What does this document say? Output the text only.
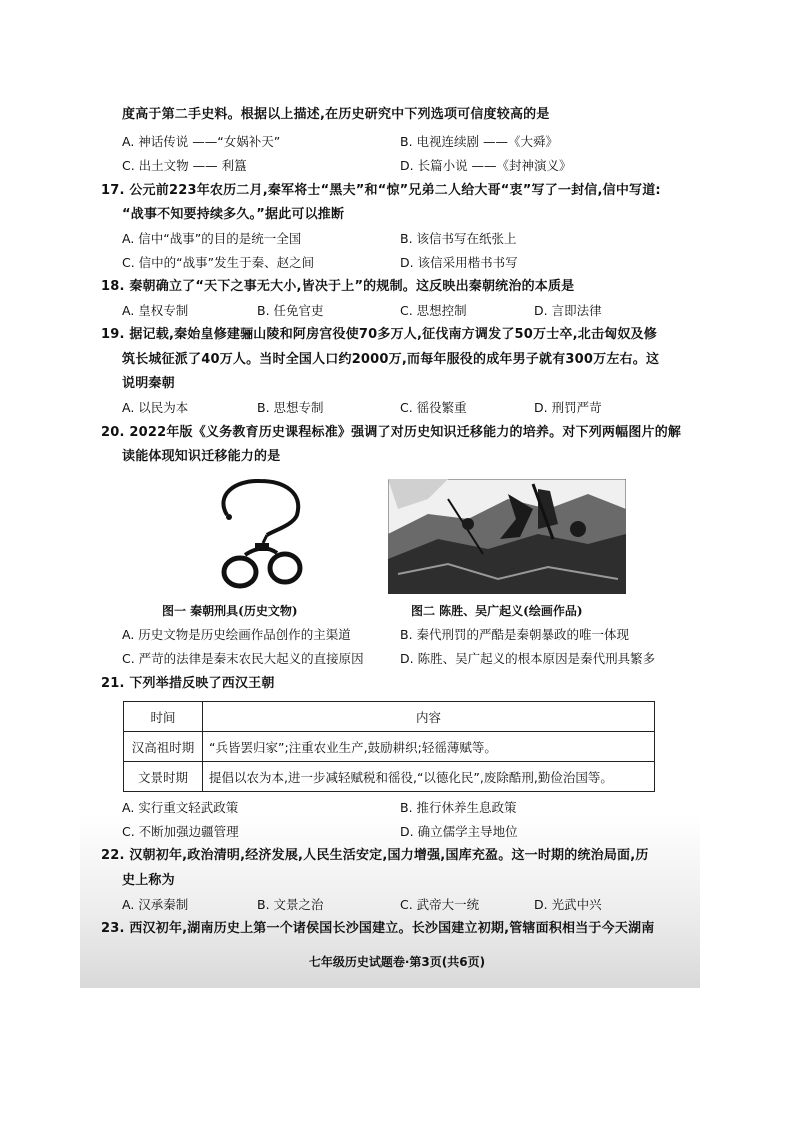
度高于第二手史料。根据以上描述,在历史研究中下列选项可信度较高的是
A. 神话传说 ——“女娲补天”	B. 电视连续剧 ——《大舜》
C. 出土文物 —— 利簋	D. 长篇小说 ——《封神演义》
17. 公元前223年农历二月,秦军将士“黑夫”和“惊”兄弟二人给大哥“衷”写了一封信,信中写道:
“战事不知要持续多久。”据此可以推断
A. 信中“战事”的目的是统一全国	B. 该信书写在纸张上
C. 信中的“战事”发生于秦、赵之间	D. 该信采用楷书书写
18. 秦朝确立了“天下之事无大小,皆决于上”的规制。这反映出秦朝统治的本质是
A. 皇权专制	B. 任免官吏	C. 思想控制	D. 言即法律
19. 据记载,秦始皇修建骊山陵和阿房宫役使70多万人,征伐南方调发了50万士卒,北击匈奴及修
筑长城征派了40万人。当时全国人口约2000万,而每年服役的成年男子就有300万左右。这
说明秦朝
A. 以民为本	B. 思想专制	C. 徭役繁重	D. 刑罚严苛
20. 2022年版《义务教育历史课程标准》强调了对历史知识迁移能力的培养。对下列两幅图片的解
读能体现知识迁移能力的是
图一 秦朝刑具(历史文物)	图二 陈胜、吴广起义(绘画作品)
A. 历史文物是历史绘画作品创作的主渠道	B. 秦代刑罚的严酷是秦朝暴政的唯一体现
C. 严苛的法律是秦末农民大起义的直接原因	D. 陈胜、吴广起义的根本原因是秦代刑具繁多
21. 下列举措反映了西汉王朝
时间	内容
汉高祖时期	“兵皆罢归家”;注重农业生产,鼓励耕织;轻徭薄赋等。
文景时期	提倡以农为本,进一步减轻赋税和徭役,“以德化民”,废除酷刑,勤俭治国等。
A. 实行重文轻武政策	B. 推行休养生息政策
C. 不断加强边疆管理	D. 确立儒学主导地位
22. 汉朝初年,政治清明,经济发展,人民生活安定,国力增强,国库充盈。这一时期的统治局面,历
史上称为
A. 汉承秦制	B. 文景之治	C. 武帝大一统	D. 光武中兴
23. 西汉初年,湖南历史上第一个诸侯国长沙国建立。长沙国建立初期,管辖面积相当于今天湖南
七年级历史试题卷·第3页(共6页)
